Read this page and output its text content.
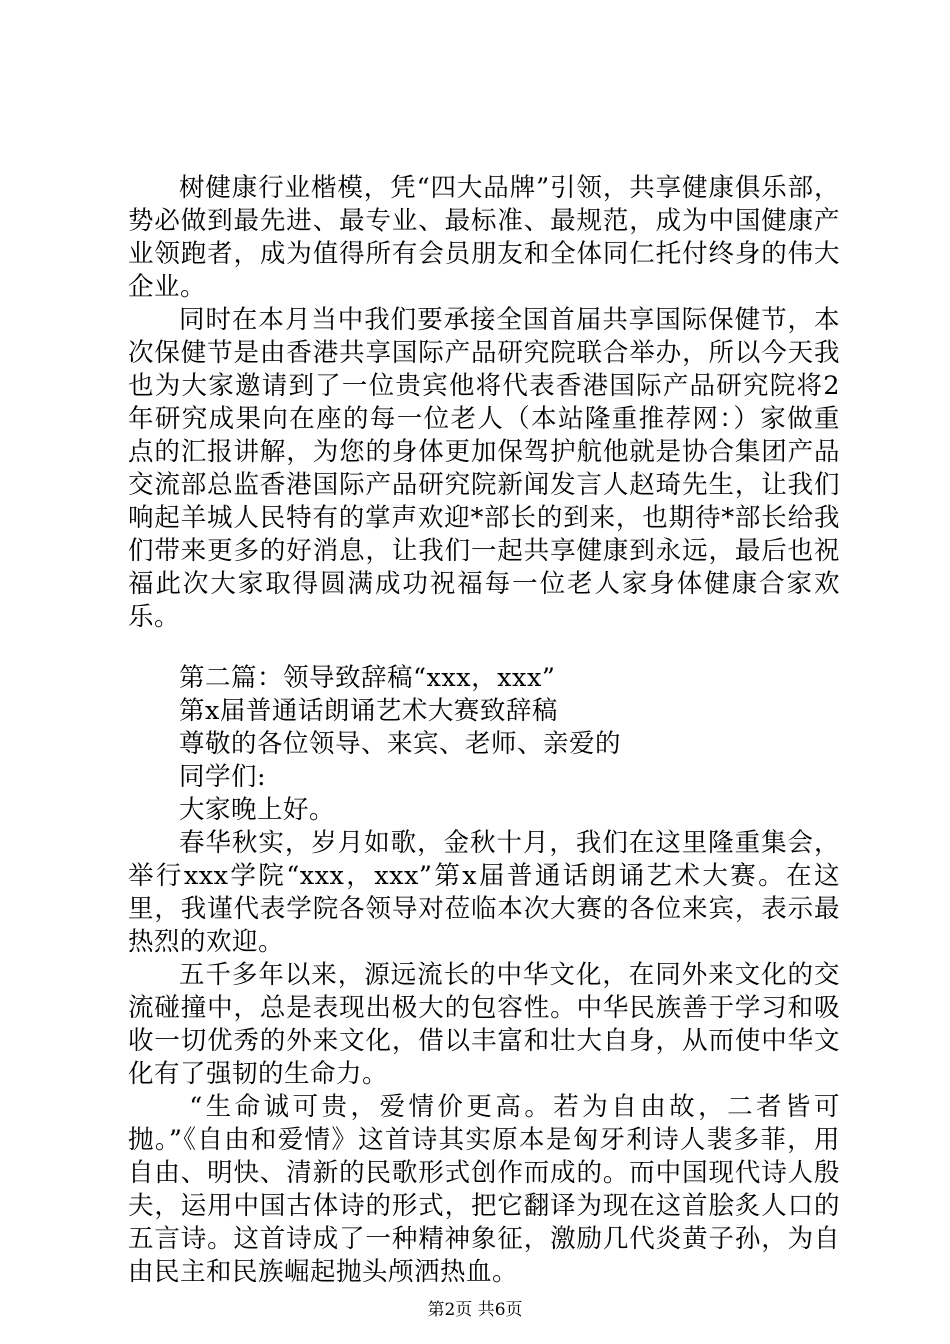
树健康行业楷模，凭“四大品牌”引领，共享健康俱乐部，势必做到最先进、最专业、最标准、最规范，成为中国健康产业领跑者，成为值得所有会员朋友和全体同仁托付终身的伟大企业。

同时在本月当中我们要承接全国首届共享国际保健节，本次保健节是由香港共享国际产品研究院联合举办，所以今天我也为大家邀请到了一位贵宾他将代表香港国际产品研究院将2年研究成果向在座的每一位老人（本站隆重推荐网：）家做重点的汇报讲解，为您的身体更加保驾护航他就是协合集团产品交流部总监香港国际产品研究院新闻发言人赵琦先生，让我们响起羊城人民特有的掌声欢迎*部长的到来，也期待*部长给我们带来更多的好消息，让我们一起共享健康到永远，最后也祝福此次大家取得圆满成功祝福每一位老人家身体健康合家欢乐。

第二篇：领导致辞稿“xxx，xxx”

第x届普通话朗诵艺术大赛致辞稿

尊敬的各位领导、来宾、老师、亲爱的

同学们:

大家晚上好。

春华秋实，岁月如歌，金秋十月，我们在这里隆重集会，举行xxx学院“xxx，xxx”第x届普通话朗诵艺术大赛。在这里，我谨代表学院各领导对莅临本次大赛的各位来宾，表示最热烈的欢迎。

五千多年以来，源远流长的中华文化，在同外来文化的交流碰撞中，总是表现出极大的包容性。中华民族善于学习和吸收一切优秀的外来文化，借以丰富和壮大自身，从而使中华文化有了强韧的生命力。

“生命诚可贵，爱情价更高。若为自由故，二者皆可抛。”《自由和爱情》这首诗其实原本是匈牙利诗人裴多菲，用自由、明快、清新的民歌形式创作而成的。而中国现代诗人殷夫，运用中国古体诗的形式，把它翻译为现在这首脍炙人口的五言诗。这首诗成了一种精神象征，激励几代炎黄子孙，为自由民主和民族崛起抛头颅洒热血。

第2页 共6页
